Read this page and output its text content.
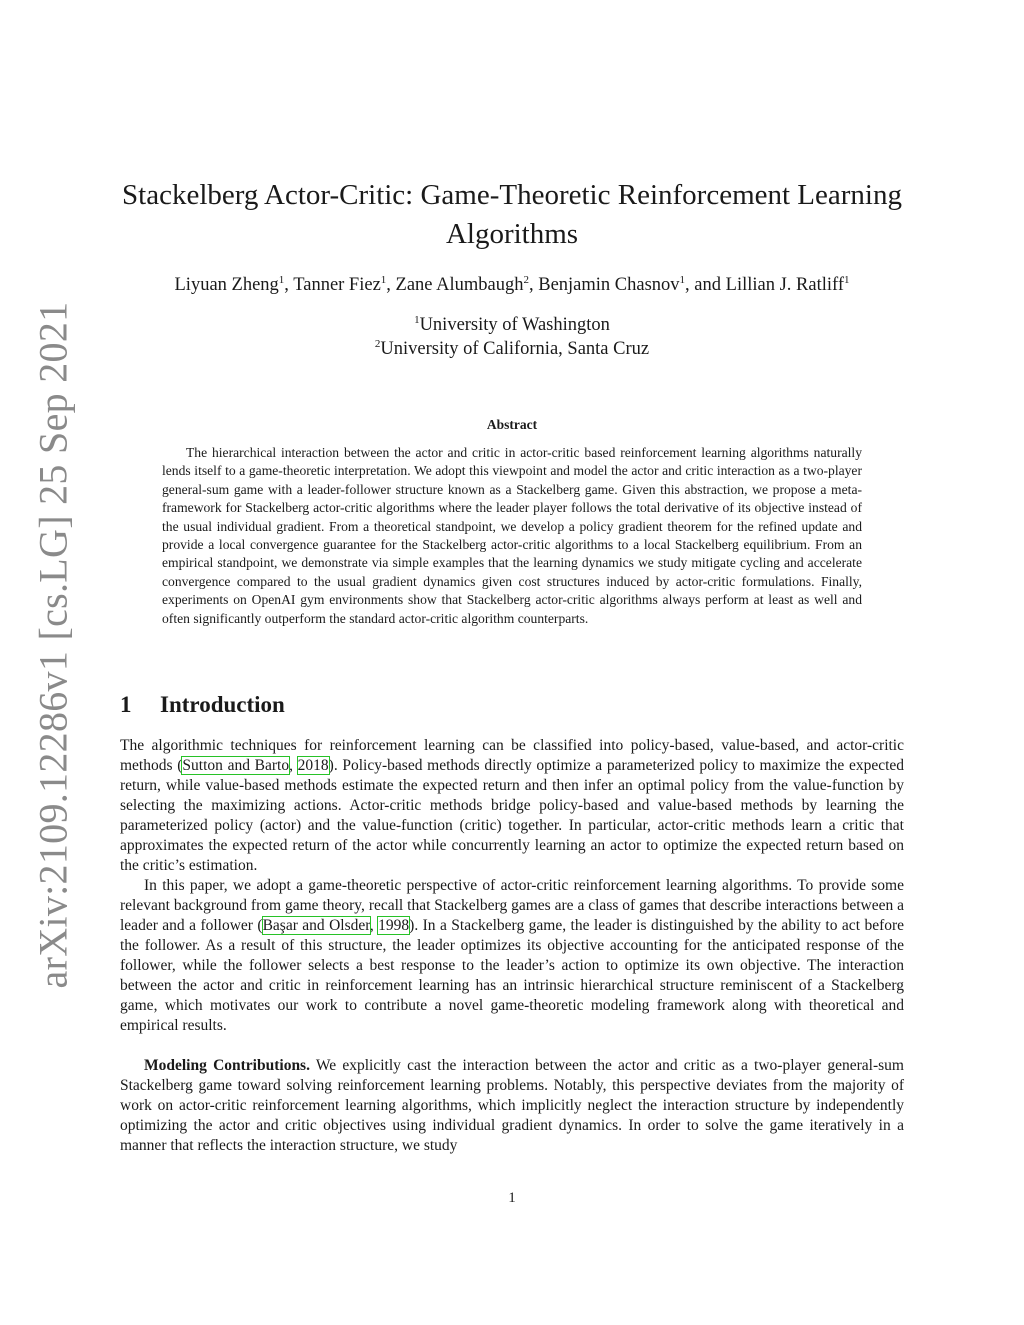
arXiv:2109.12286v1 [cs.LG] 25 Sep 2021
Stackelberg Actor-Critic: Game-Theoretic Reinforcement Learning
Algorithms
Liyuan Zheng$^1$, Tanner Fiez$^1$, Zane Alumbaugh$^2$, Benjamin Chasnov$^1$, and Lillian J. Ratliff$^1$
$^1$University of Washington
$^2$University of California, Santa Cruz
Abstract
The hierarchical interaction between the actor and critic in actor-critic based reinforcement learning algorithms naturally lends itself to a game-theoretic interpretation. We adopt this viewpoint and model the actor and critic interaction as a two-player general-sum game with a leader-follower structure known as a Stackelberg game. Given this abstraction, we propose a meta-framework for Stackelberg actor-critic algorithms where the leader player follows the total derivative of its objective instead of the usual individual gradient. From a theoretical standpoint, we develop a policy gradient theorem for the refined update and provide a local convergence guarantee for the Stackelberg actor-critic algorithms to a local Stackelberg equilibrium. From an empirical standpoint, we demonstrate via simple examples that the learning dynamics we study mitigate cycling and accelerate convergence compared to the usual gradient dynamics given cost structures induced by actor-critic formulations. Finally, experiments on OpenAI gym environments show that Stackelberg actor-critic algorithms always perform at least as well and often significantly outperform the standard actor-critic algorithm counterparts.
1 Introduction
The algorithmic techniques for reinforcement learning can be classified into policy-based, value-based, and actor-critic methods (Sutton and Barto, 2018). Policy-based methods directly optimize a parameterized policy to maximize the expected return, while value-based methods estimate the expected return and then infer an optimal policy from the value-function by selecting the maximizing actions. Actor-critic methods bridge policy-based and value-based methods by learning the parameterized policy (actor) and the value-function (critic) together. In particular, actor-critic methods learn a critic that approximates the expected return of the actor while concurrently learning an actor to optimize the expected return based on the critic’s estimation.
In this paper, we adopt a game-theoretic perspective of actor-critic reinforcement learning algorithms. To provide some relevant background from game theory, recall that Stackelberg games are a class of games that describe interactions between a leader and a follower (Başar and Olsder, 1998). In a Stackelberg game, the leader is distinguished by the ability to act before the follower. As a result of this structure, the leader optimizes its objective accounting for the anticipated response of the follower, while the follower selects a best response to the leader’s action to optimize its own objective. The interaction between the actor and critic in reinforcement learning has an intrinsic hierarchical structure reminiscent of a Stackelberg game, which motivates our work to contribute a novel game-theoretic modeling framework along with theoretical and empirical results.
Modeling Contributions. We explicitly cast the interaction between the actor and critic as a two-player general-sum Stackelberg game toward solving reinforcement learning problems. Notably, this perspective deviates from the majority of work on actor-critic reinforcement learning algorithms, which implicitly neglect the interaction structure by independently optimizing the actor and critic objectives using individual gradient dynamics. In order to solve the game iteratively in a manner that reflects the interaction structure, we study
1
